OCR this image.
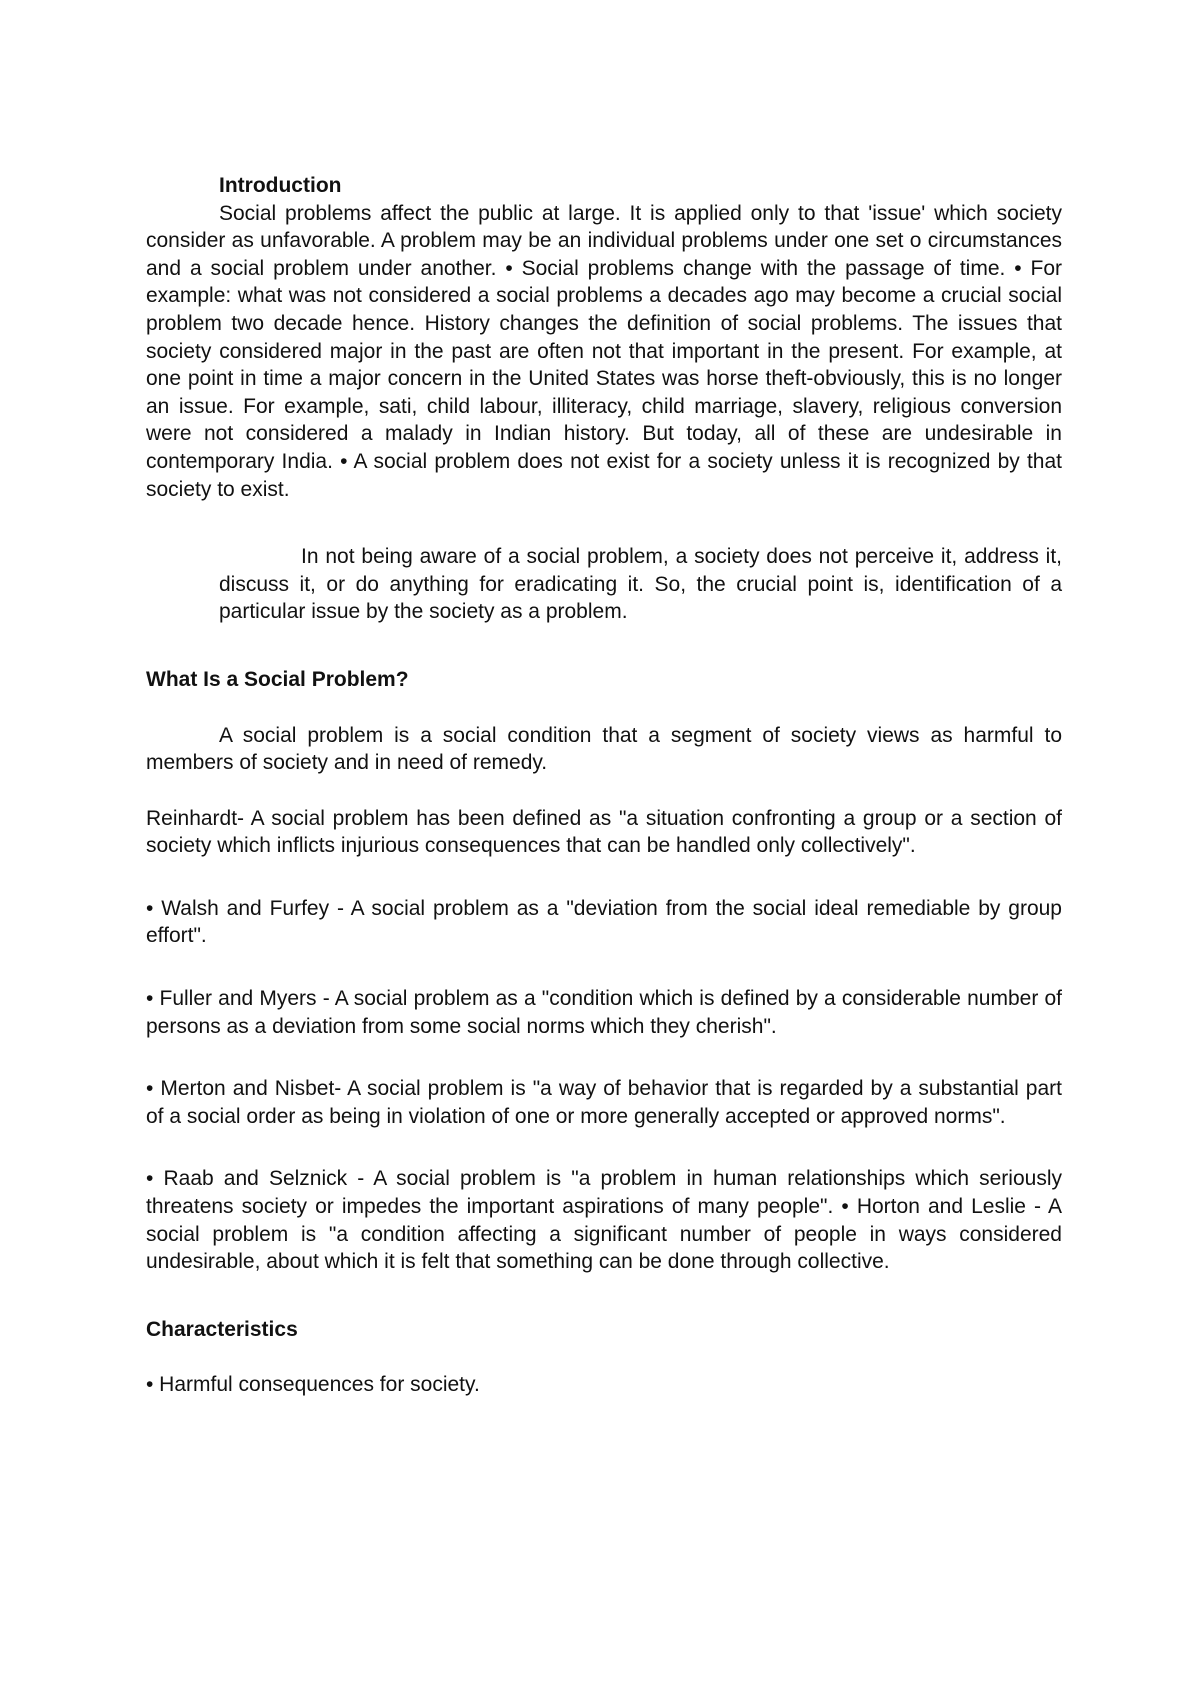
Introduction

Social problems affect the public at large. It is applied only to that 'issue' which society consider as unfavorable. A problem may be an individual problems under one set o circumstances and a social problem under another. • Social problems change with the passage of time. • For example: what was not considered a social problems a decades ago may become a crucial social problem two decade hence. History changes the definition of social problems. The issues that society considered major in the past are often not that important in the present. For example, at one point in time a major concern in the United States was horse theft-obviously, this is no longer an issue. For example, sati, child labour, illiteracy, child marriage, slavery, religious conversion were not considered a malady in Indian history. But today, all of these are undesirable in contemporary India. • A social problem does not exist for a society unless it is recognized by that society to exist.

In not being aware of a social problem, a society does not perceive it, address it, discuss it, or do anything for eradicating it. So, the crucial point is, identification of a particular issue by the society as a problem.

What Is a Social Problem?

A social problem is a social condition that a segment of society views as harmful to members of society and in need of remedy.

Reinhardt- A social problem has been defined as "a situation confronting a group or a section of society which inflicts injurious consequences that can be handled only collectively".

• Walsh and Furfey - A social problem as a "deviation from the social ideal remediable by group effort".

• Fuller and Myers - A social problem as a "condition which is defined by a considerable number of persons as a deviation from some social norms which they cherish".

• Merton and Nisbet- A social problem is "a way of behavior that is regarded by a substantial part of a social order as being in violation of one or more generally accepted or approved norms".

• Raab and Selznick - A social problem is "a problem in human relationships which seriously threatens society or impedes the important aspirations of many people". • Horton and Leslie - A social problem is "a condition affecting a significant number of people in ways considered undesirable, about which it is felt that something can be done through collective.

Characteristics

• Harmful consequences for society.
